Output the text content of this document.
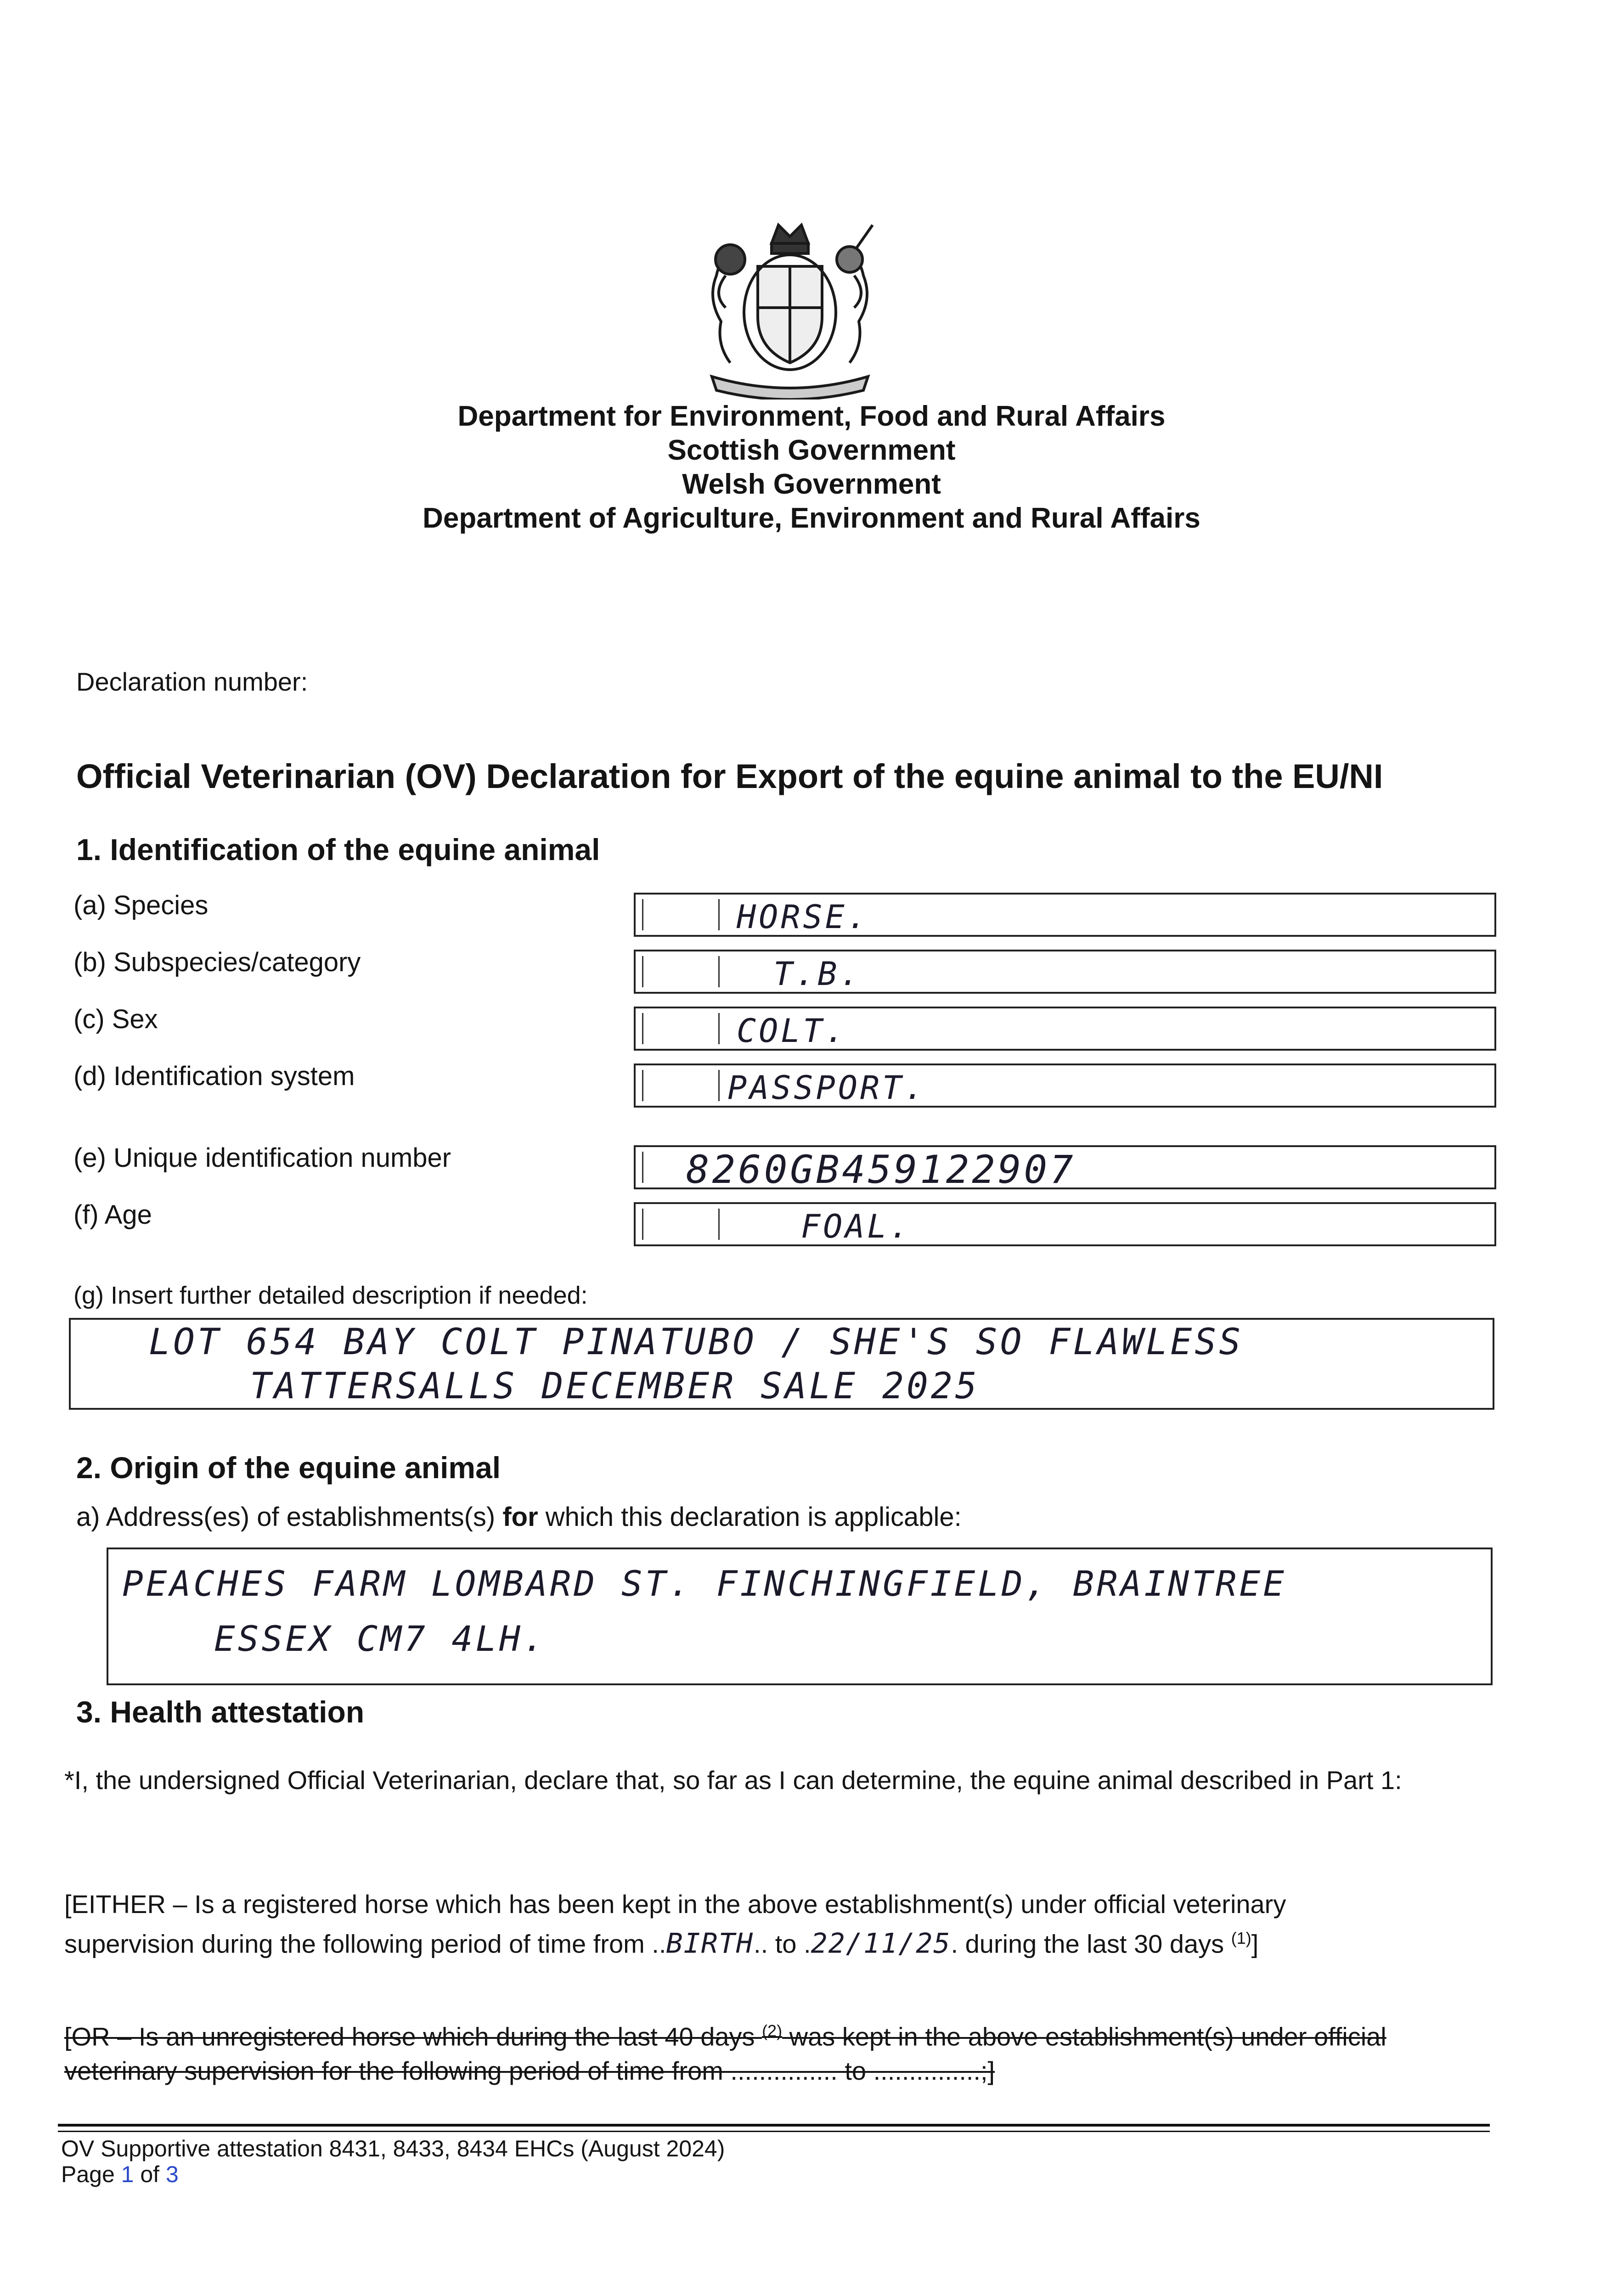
Department for Environment, Food and Rural Affairs
Scottish Government
Welsh Government
Department of Agriculture, Environment and Rural Affairs
Declaration number:
Official Veterinarian (OV) Declaration for Export of the equine animal to the EU/NI
1. Identification of the equine animal
(a) Species	HORSE.
(b) Subspecies/category	T.B.
(c) Sex	COLT.
(d) Identification system	PASSPORT.
(e) Unique identification number	8260GB459122907
(f) Age	FOAL.
(g) Insert further detailed description if needed:
LOT 654 BAY COLT PINATUBO / SHE'S SO FLAWLESS
TATTERSALLS DECEMBER SALE 2025
2. Origin of the equine animal
a) Address(es) of establishments(s) for which this declaration is applicable:
PEACHES FARM LOMBARD ST. FINCHINGFIELD, BRAINTREE
ESSEX CM7 4LH.
3. Health attestation
*I, the undersigned Official Veterinarian, declare that, so far as I can determine, the equine animal described in Part 1:
[EITHER – Is a registered horse which has been kept in the above establishment(s) under official veterinary
supervision during the following period of time from ..BIRTH.. to .22/11/25. during the last 30 days $^{(1)}$]
[OR – Is an unregistered horse which during the last 40 days $^{(2)}$ was kept in the above establishment(s) under official
veterinary supervision for the following period of time from ............... to ...............;]
OV Supportive attestation 8431, 8433, 8434 EHCs (August 2024)
Page 1 of 3
